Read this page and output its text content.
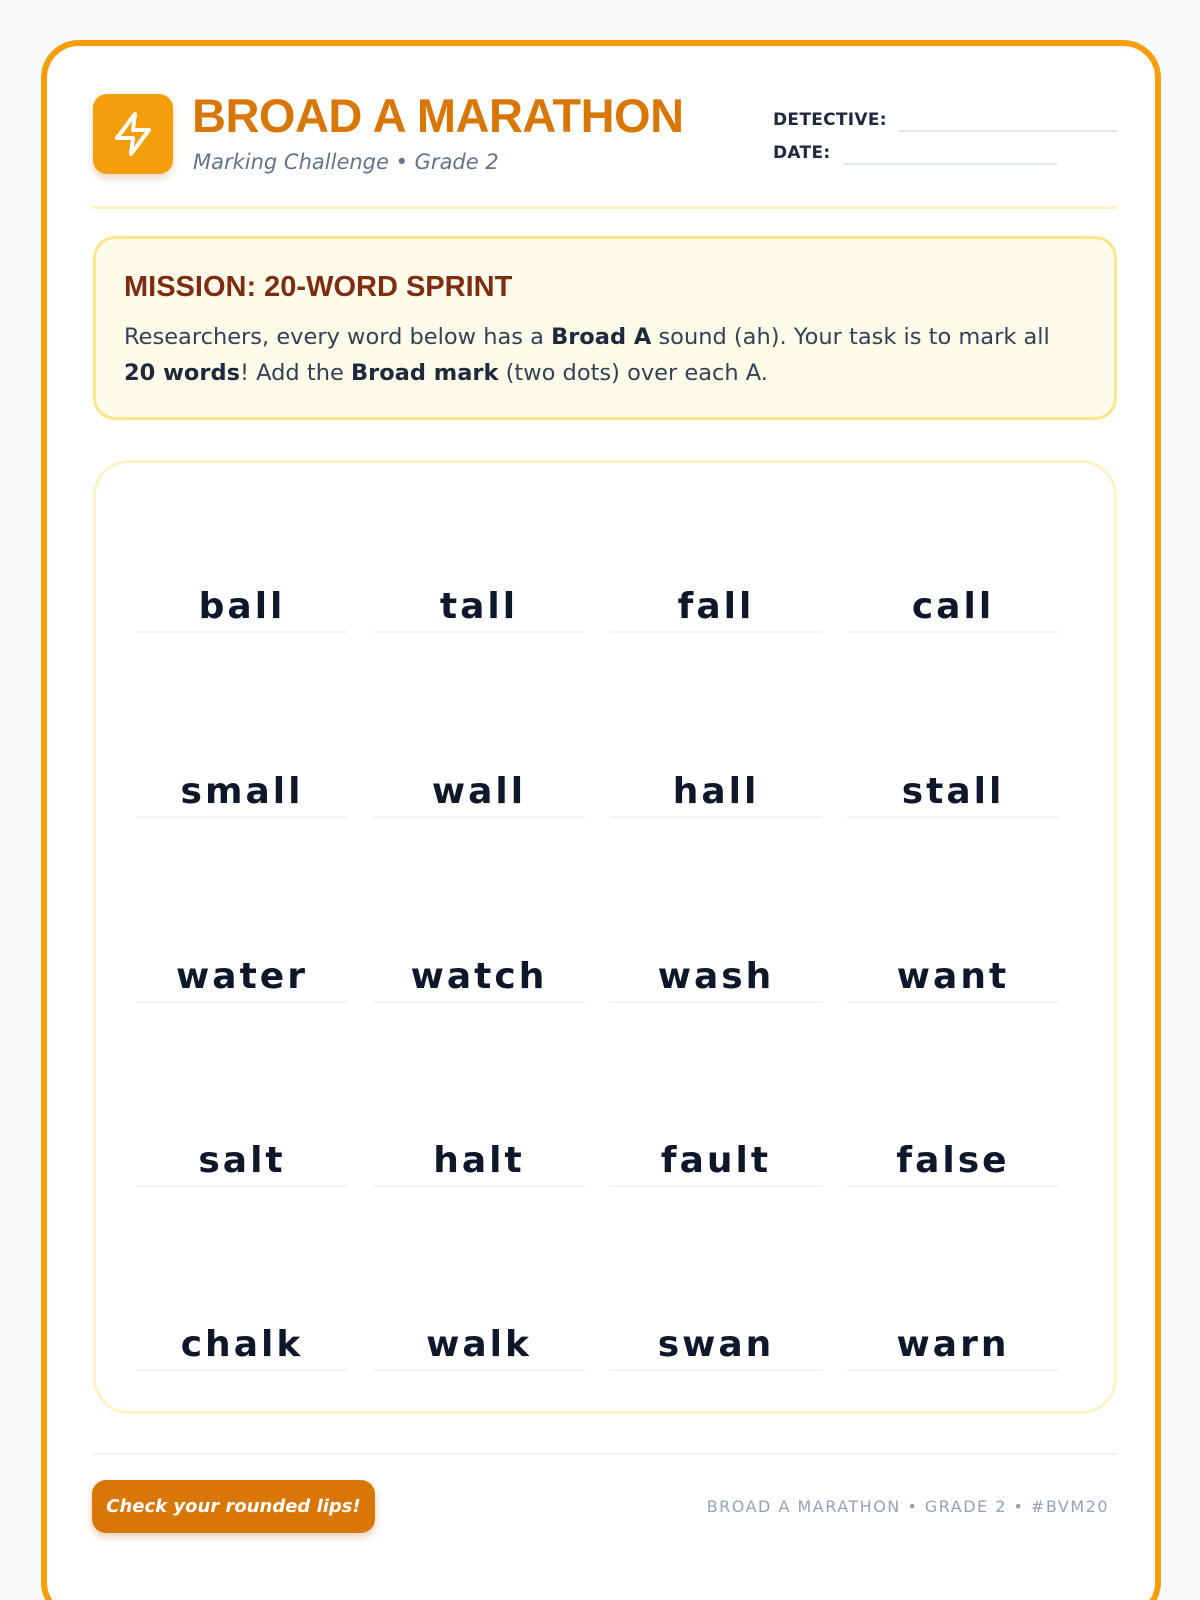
BROAD A MARATHON
Marking Challenge • Grade 2
DETECTIVE:
DATE:
MISSION: 20-WORD SPRINT
Researchers, every word below has a Broad A sound (ah). Your task is to mark all 20 words! Add the Broad mark (two dots) over each A.
ball	tall	fall	call
small	wall	hall	stall
water	watch	wash	want
salt	halt	fault	false
chalk	walk	swan	warn
Check your rounded lips!	BROAD A MARATHON • GRADE 2 • #BVM20
